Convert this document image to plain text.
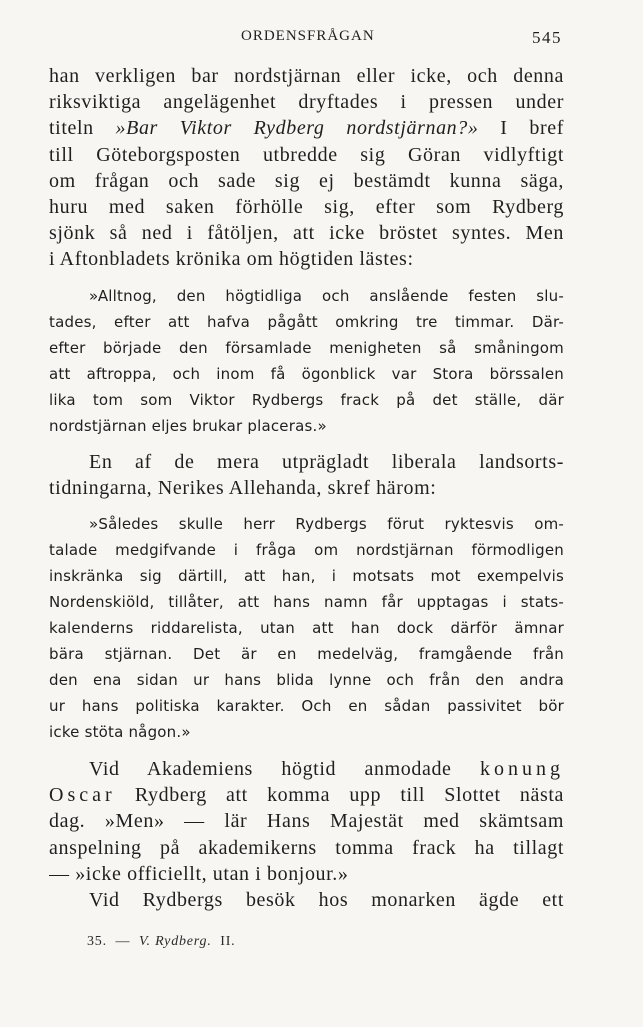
ORDENSFRÅGAN	545
han verkligen bar nordstjärnan eller icke, och denna
riksviktiga angelägenhet dryftades i pressen under
titeln »Bar Viktor Rydberg nordstjärnan?» I bref
till Göteborgsposten utbredde sig Göran vidlyftigt
om frågan och sade sig ej bestämdt kunna säga,
huru med saken förhölle sig, efter som Rydberg
sjönk så ned i fåtöljen, att icke bröstet syntes. Men
i Aftonbladets krönika om högtiden lästes:
»Alltnog, den högtidliga och anslående festen slu-
tades, efter att hafva pågått omkring tre timmar. Där-
efter började den församlade menigheten så småningom
att aftroppa, och inom få ögonblick var Stora börssalen
lika tom som Viktor Rydbergs frack på det ställe, där
nordstjärnan eljes brukar placeras.»
En af de mera utprägladt liberala landsorts-
tidningarna, Nerikes Allehanda, skref härom:
»Således skulle herr Rydbergs förut ryktesvis om-
talade medgifvande i fråga om nordstjärnan förmodligen
inskränka sig därtill, att han, i motsats mot exempelvis
Nordenskiöld, tillåter, att hans namn får upptagas i stats-
kalenderns riddarelista, utan att han dock därför ämnar
bära stjärnan. Det är en medelväg, framgående från
den ena sidan ur hans blida lynne och från den andra
ur hans politiska karakter. Och en sådan passivitet bör
icke stöta någon.»
Vid Akademiens högtid anmodade konung
Oscar Rydberg att komma upp till Slottet nästa
dag. »Men» — lär Hans Majestät med skämtsam
anspelning på akademikerns tomma frack ha tillagt
— »icke officiellt, utan i bonjour.»
Vid Rydbergs besök hos monarken ägde ett
35. — V. Rydberg. II.
